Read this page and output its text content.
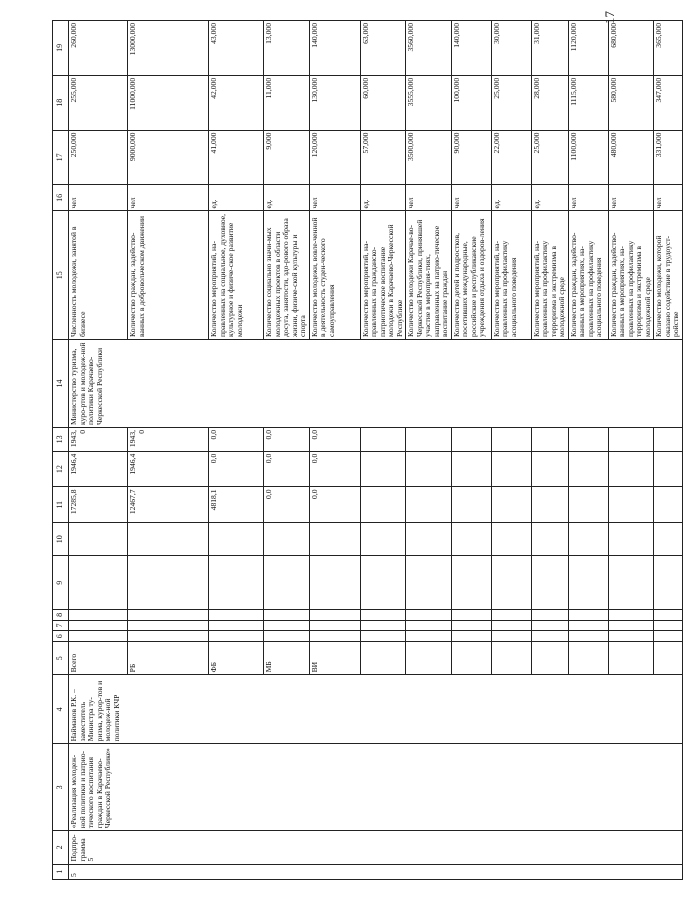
17
1	2	3	4	5	6	7	8	9	10	11	12	13	14	15	16	17	18	19
5	Подпро-грамма 5	«Реализация молодеж-ной политики и патрио-тического воспитания граждан в Карачаево-Черкесской Республике»	Найманов Р.К. – заместитель Министра ту-ризма, курор-тов и молодеж-ной политики КЧР	Всего						17285,8	1946,4	1943,0	Министерство туризма, куро-ртов и молодеж-ной политики Карачаево-Черкесской Республики	Численность молодежи, занятой в бизнесе	чел	250,000	255,000	260,000
				РБ						12467,7	1946,4	1943,0		Количество граждан, задейство-ванных в добровольческом движении	чел	9000,000	11000,000	13000,000
				ФБ						4818,1	0,0	0,0		Количество мероприятий, на-правленных на социальное, духовное, культурное и физиче-ское развитие молодежи	ед.	41,000	42,000	43,000
				МБ						0,0	0,0	0,0		Количество социально значи-мых молодежных проектов в области досуга, занятости, здо-рового образа жизни, физиче-ской культуры и спорта	ед.	9,000	11,000	13,000
				ВИ						0,0	0,0	0,0		Количество молодежи, вовле-ченной в деятельность студен-ческого самоуправления	чел	120,000	130,000	140,000
														Количество мероприятий, на-правленных на гражданско-патриотическое воспитание молодежи в Карачаево-Черкесской Республике	ед.	57,000	60,000	63,000
														Количество молодежи Карачае-во-Черкесской Республики, принявшей участие в мероприя-тиях, направленных на патрио-тическое воспитание граждан	чел	3500,000	3555,000	3560,000
														Количество детей и подростков, посетивших международные, российские и республиканские учреждения отдыха и оздоров-ления	чел	90,000	100,000	140,000
														Количество мероприятий, на-правленных на профилактику асоциального поведения	ед.	22,000	25,000	30,000
														Количество мероприятий, на-правленных на профилактику терроризма и экстремизма в молодежной среде	ед.	25,000	28,000	31,000
														Количество граждан, задейство-ванных в мероприятиях, на-правленных на профилактику асоциального поведения	чел	1100,000	1115,000	1120,000
														Количество граждан, задейство-ванных в мероприятиях, на-правленных на профилактику терроризма и экстремизма в молодежной среде	чел	480,000	580,000	680,000
														Количество молодежи, которой оказано содействие в трудоуст-ройстве	чел	331,000	347,000	365,000
